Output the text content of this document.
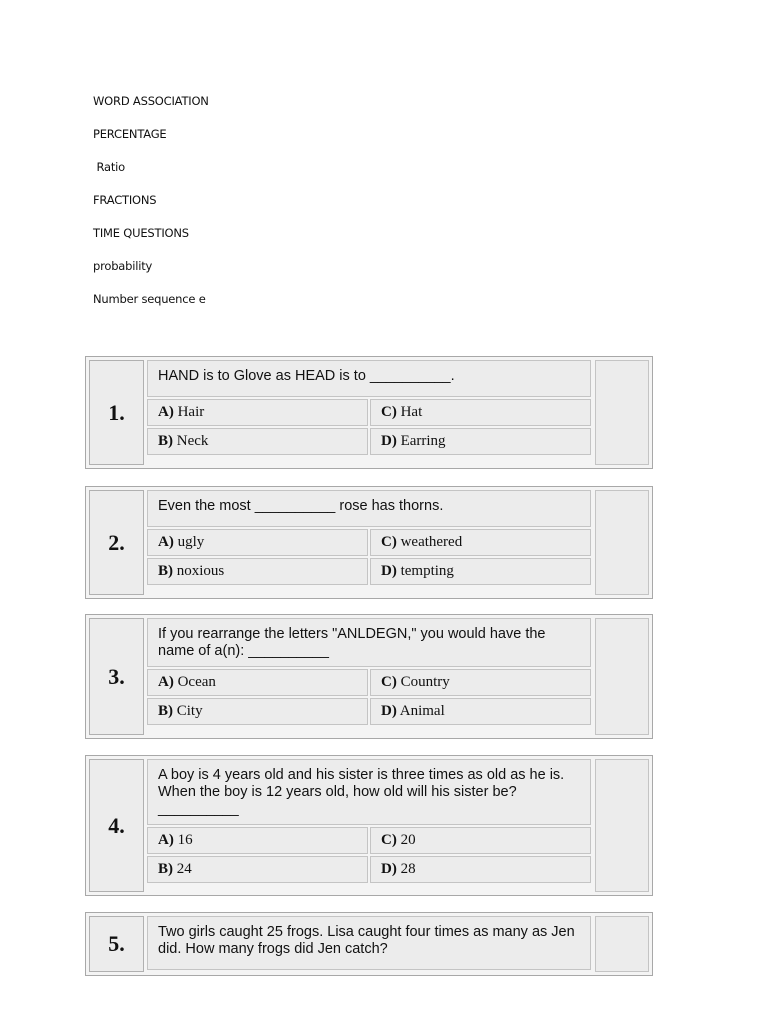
WORD ASSOCIATION
PERCENTAGE
Ratio
FRACTIONS
TIME QUESTIONS
probability
Number sequence e
1.
HAND is to Glove as HEAD is to __________.
A) Hair	C) Hat
B) Neck	D) Earring
2.
Even the most __________ rose has thorns.
A) ugly	C) weathered
B) noxious	D) tempting
3.
If you rearrange the letters "ANLDEGN," you would have the name of a(n): __________
A) Ocean	C) Country
B) City	D) Animal
4.
A boy is 4 years old and his sister is three times as old as he is. When the boy is 12 years old, how old will his sister be? __________
A) 16	C) 20
B) 24	D) 28
5.	Two girls caught 25 frogs. Lisa caught four times as many as Jen did. How many frogs did Jen catch?
